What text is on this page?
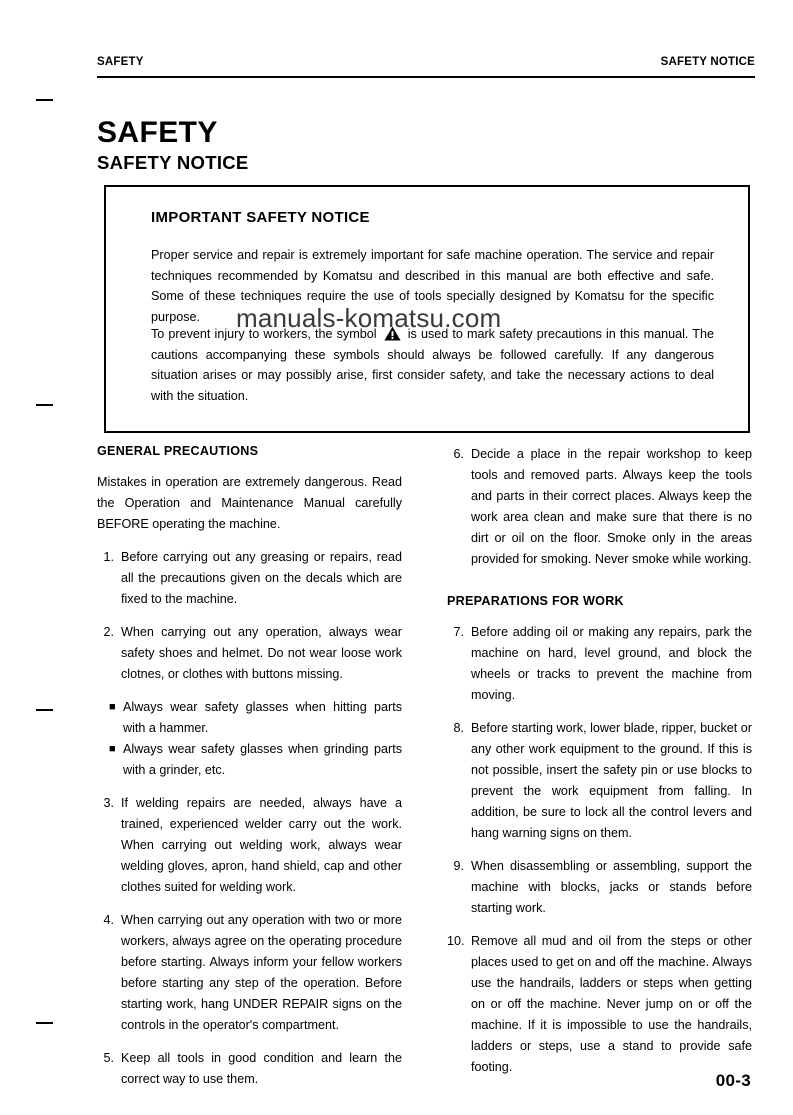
SAFETY	SAFETY NOTICE
SAFETY
SAFETY NOTICE
IMPORTANT SAFETY NOTICE
Proper service and repair is extremely important for safe machine operation. The service and repair techniques recommended by Komatsu and described in this manual are both effective and safe. Some of these techniques require the use of tools specially designed by Komatsu for the specific purpose.
To prevent injury to workers, the symbol is used to mark safety precautions in this manual. The cautions accompanying these symbols should always be followed carefully. If any dangerous situation arises or may possibly arise, first consider safety, and take the necessary actions to deal with the situation.
manuals-komatsu.com
GENERAL PRECAUTIONS

Mistakes in operation are extremely dangerous. Read the Operation and Maintenance Manual carefully BEFORE operating the machine.

1. Before carrying out any greasing or repairs, read all the precautions given on the decals which are fixed to the machine.
2. When carrying out any operation, always wear safety shoes and helmet. Do not wear loose work clotnes, or clothes with buttons missing.
■ Always wear safety glasses when hitting parts with a hammer.
■ Always wear safety glasses when grinding parts with a grinder, etc.
3. If welding repairs are needed, always have a trained, experienced welder carry out the work. When carrying out welding work, always wear welding gloves, apron, hand shield, cap and other clothes suited for welding work.
4. When carrying out any operation with two or more workers, always agree on the operating procedure before starting. Always inform your fellow workers before starting any step of the operation. Before starting work, hang UNDER REPAIR signs on the controls in the operator's compartment.
5. Keep all tools in good condition and learn the correct way to use them.
6. Decide a place in the repair workshop to keep tools and removed parts. Always keep the tools and parts in their correct places. Always keep the work area clean and make sure that there is no dirt or oil on the floor. Smoke only in the areas provided for smoking. Never smoke while working.
PREPARATIONS FOR WORK
7. Before adding oil or making any repairs, park the machine on hard, level ground, and block the wheels or tracks to prevent the machine from moving.
8. Before starting work, lower blade, ripper, bucket or any other work equipment to the ground. If this is not possible, insert the safety pin or use blocks to prevent the work equipment from falling. In addition, be sure to lock all the control levers and hang warning signs on them.
9. When disassembling or assembling, support the machine with blocks, jacks or stands before starting work.
10. Remove all mud and oil from the steps or other places used to get on and off the machine. Always use the handrails, ladders or steps when getting on or off the machine. Never jump on or off the machine. If it is impossible to use the handrails, ladders or steps, use a stand to provide safe footing.
00-3
